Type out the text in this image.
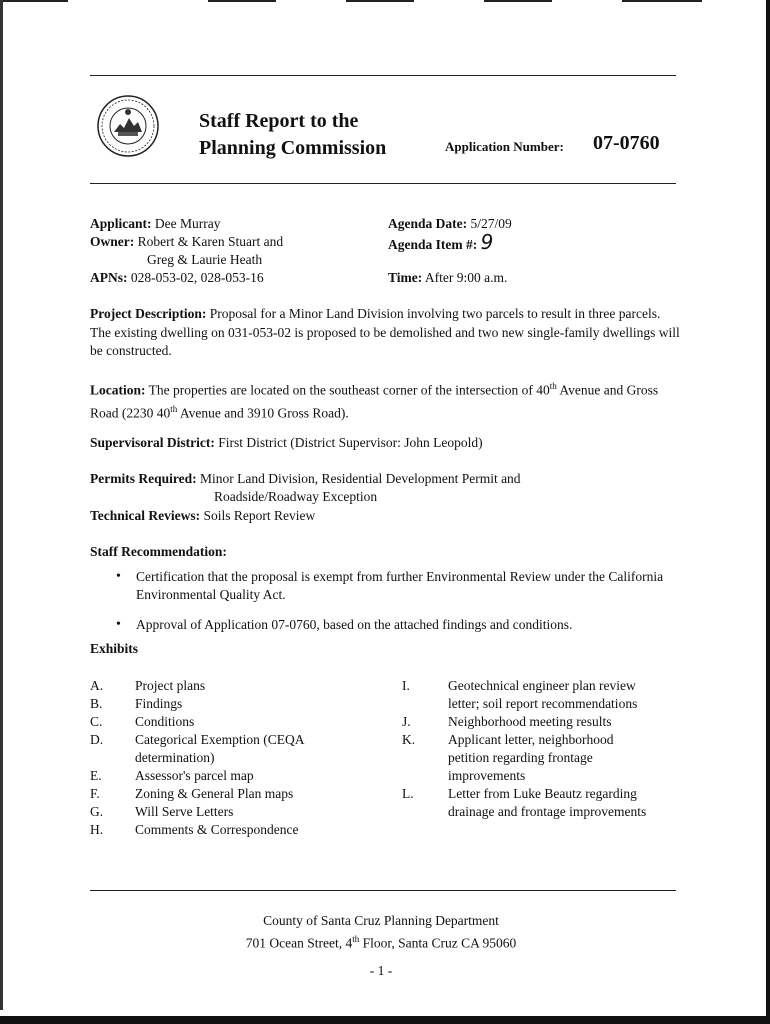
Staff Report to the
Planning Commission	Application Number: 07-0760
Applicant: Dee Murray
Owner: Robert & Karen Stuart and
Greg & Laurie Heath
APNs: 028-053-02, 028-053-16
Agenda Date: 5/27/09
Agenda Item #: 9
Time: After 9:00 a.m.
Project Description: Proposal for a Minor Land Division involving two parcels to result in three parcels. The existing dwelling on 031-053-02 is proposed to be demolished and two new single-family dwellings will be constructed.
Location: The properties are located on the southeast corner of the intersection of 40th Avenue and Gross Road (2230 40th Avenue and 3910 Gross Road).
Supervisoral District: First District (District Supervisor: John Leopold)
Permits Required: Minor Land Division, Residential Development Permit and
Roadside/Roadway Exception
Technical Reviews: Soils Report Review
Staff Recommendation:
• Certification that the proposal is exempt from further Environmental Review under the California Environmental Quality Act.
• Approval of Application 07-0760, based on the attached findings and conditions.
Exhibits
A. Project plans
B. Findings
C. Conditions
D. Categorical Exemption (CEQA determination)
E. Assessor's parcel map
F.	Zoning & General Plan maps
G. Will Serve Letters
H. Comments & Correspondence
I.	Geotechnical engineer plan review letter; soil report recommendations
J.	Neighborhood meeting results
K. Applicant letter, neighborhood petition regarding frontage improvements
L.	Letter from Luke Beautz regarding drainage and frontage improvements
County of Santa Cruz Planning Department
701 Ocean Street, 4th Floor, Santa Cruz CA 95060
- 1 -
